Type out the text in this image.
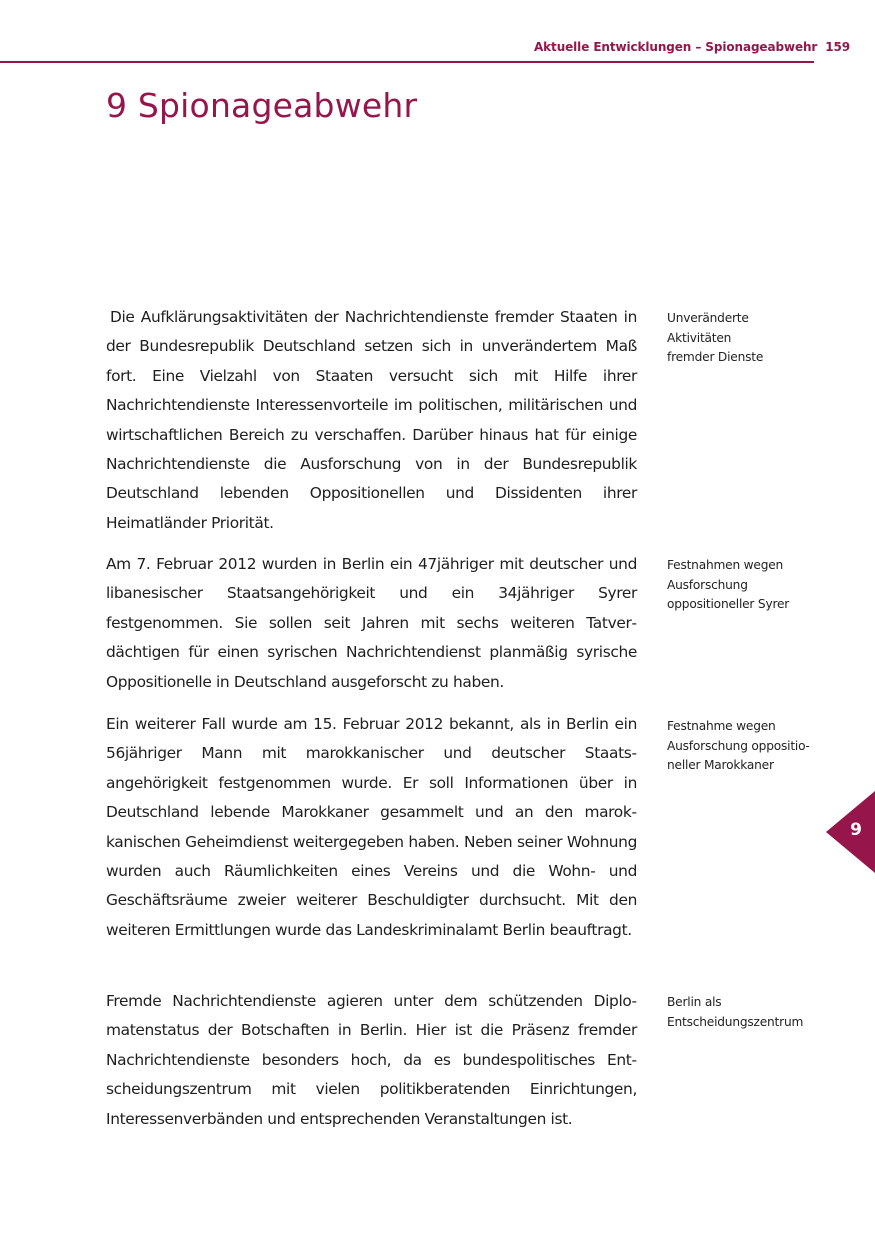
Aktuelle Entwicklungen – Spionageabwehr 159
9 Spionageabwehr

Die Aufklärungsaktivitäten der Nachrichtendienste fremder Staaten in der Bundesrepublik Deutschland setzen sich in unverändertem Maß fort. Eine Vielzahl von Staaten versucht sich mit Hilfe ihrer Nachrichtendienste Interessenvorteile im politischen, militärischen und wirtschaftlichen Bereich zu verschaffen. Darüber hinaus hat für einige Nachrichtendienste die Ausforschung von in der Bundesrepublik Deutschland lebenden Oppositionellen und Dissidenten ihrer Heimatländer Priorität.

Unveränderte Aktivitäten fremder Dienste

Am 7. Februar 2012 wurden in Berlin ein 47jähriger mit deutscher und libanesischer Staatsangehörigkeit und ein 34jähriger Syrer festgenommen. Sie sollen seit Jahren mit sechs weiteren Tatverdächtigen für einen syrischen Nachrichtendienst planmäßig syrische Oppositionelle in Deutschland ausgeforscht zu haben.

Festnahmen wegen Ausforschung oppositioneller Syrer

Ein weiterer Fall wurde am 15. Februar 2012 bekannt, als in Berlin ein 56jähriger Mann mit marokkanischer und deutscher Staatsangehörigkeit festgenommen wurde. Er soll Informationen über in Deutschland lebende Marokkaner gesammelt und an den marokkanischen Geheimdienst weitergegeben haben. Neben seiner Wohnung wurden auch Räumlichkeiten eines Vereins und die Wohn- und Geschäftsräume zweier weiterer Beschuldigter durchsucht. Mit den weiteren Ermittlungen wurde das Landeskriminalamt Berlin beauftragt.

Festnahme wegen Ausforschung oppositioneller Marokkaner

Fremde Nachrichtendienste agieren unter dem schützenden Diplomatenstatus der Botschaften in Berlin. Hier ist die Präsenz fremder Nachrichtendienste besonders hoch, da es bundespolitisches Entscheidungszentrum mit vielen politikberatenden Einrichtungen, Interessenverbänden und entsprechenden Veranstaltungen ist.

Berlin als Entscheidungszentrum

9
